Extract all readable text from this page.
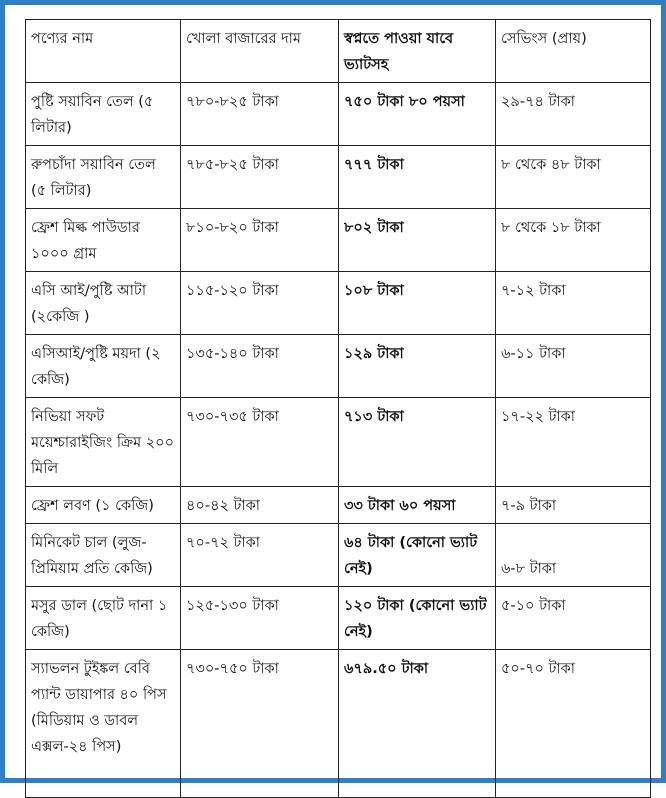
পণ্যের নাম	খোলা বাজারের দাম	স্বপ্নতে পাওয়া যাবে ভ্যাটসহ	সেভিংস (প্রায়)
পুষ্টি সয়াবিন তেল (৫ লিটার)	৭৮০-৮২৫ টাকা	৭৫০ টাকা ৮০ পয়সা	২৯-৭৪ টাকা
রুপচাঁদা সয়াবিন তেল (৫ লিটার)	৭৮৫-৮২৫ টাকা	৭৭৭ টাকা	৮ থেকে ৪৮ টাকা
ফ্রেশ মিল্ক পাউডার ১০০০ গ্রাম	৮১০-৮২০ টাকা	৮০২ টাকা	৮ থেকে ১৮ টাকা
এসি আই/পুষ্টি আটা (২কেজি )	১১৫-১২০ টাকা	১০৮ টাকা	৭-১২ টাকা
এসিআই/পুষ্টি ময়দা (২ কেজি)	১৩৫-১৪০ টাকা	১২৯ টাকা	৬-১১ টাকা
নিভিয়া সফট ময়েশ্চারাইজিং ক্রিম ২০০ মিলি	৭৩০-৭৩৫ টাকা	৭১৩ টাকা	১৭-২২ টাকা
ফ্রেশ লবণ (১ কেজি)	৪০-৪২ টাকা	৩৩ টাকা ৬০ পয়সা	৭-৯ টাকা
মিনিকেট চাল (লুজ-প্রিমিয়াম প্রতি কেজি)	৭০-৭২ টাকা	৬৪ টাকা (কোনো ভ্যাট নেই)	৬-৮ টাকা
মসুর ডাল (ছোট দানা ১ কেজি)	১২৫-১৩০ টাকা	১২০ টাকা (কোনো ভ্যাট নেই)	৫-১০ টাকা
স্যাভলন টুইঙ্কল বেবি প্যান্ট ডায়াপার ৪০ পিস (মিডিয়াম ও ডাবল এক্সল-২৪ পিস)	৭৩০-৭৫০ টাকা	৬৭৯.৫০ টাকা	৫০-৭০ টাকা
